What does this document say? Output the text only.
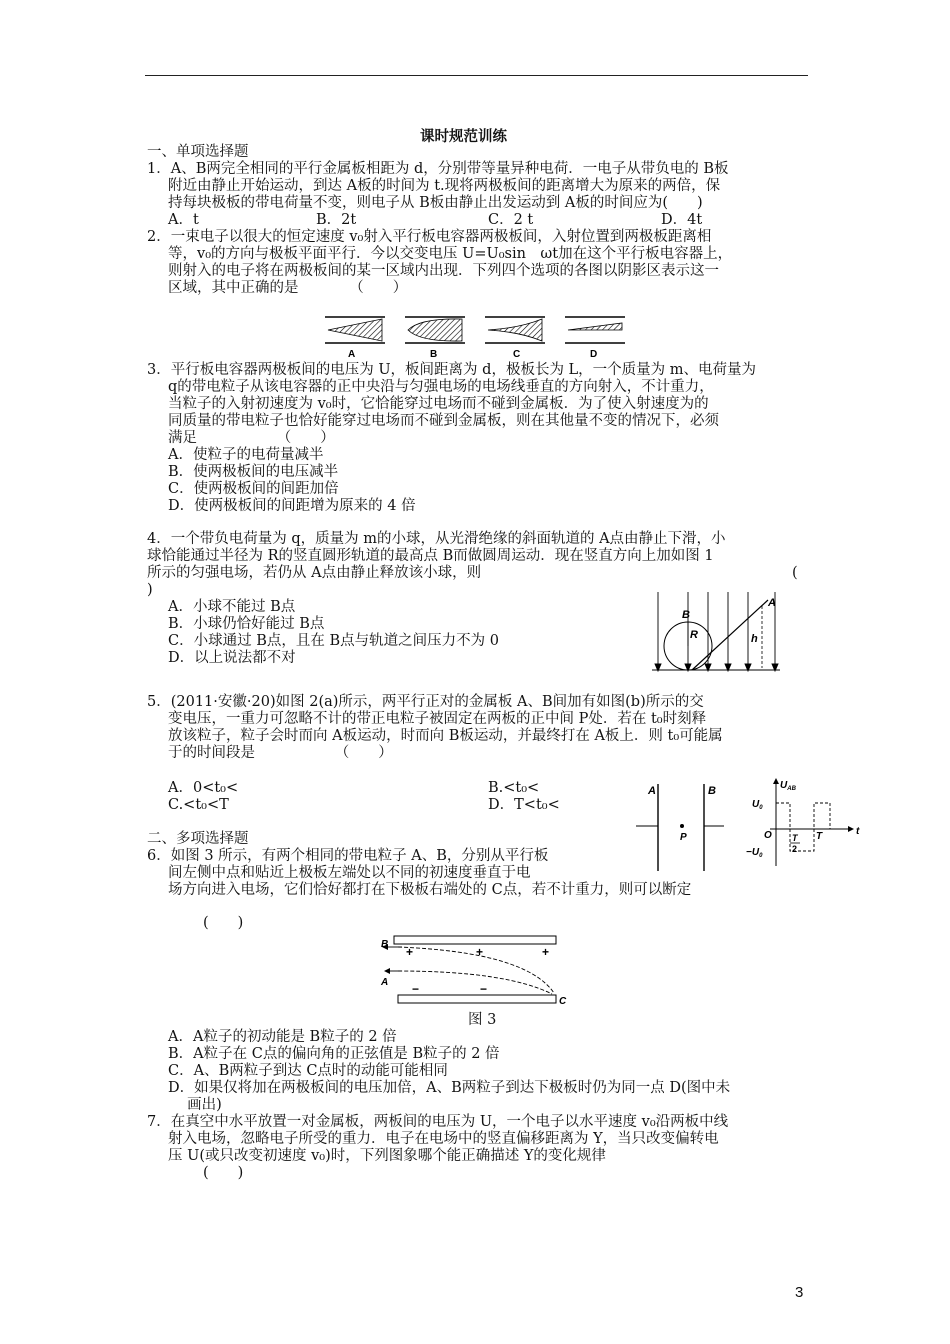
课时规范训练
一、单项选择题
1．A、B两完全相同的平行金属板相距为 d，分别带等量异种电荷．一电子从带负电的 B板
附近由静止开始运动，到达 A板的时间为 t.现将两极板间的距离增大为原来的两倍，保
持每块极板的带电荷量不变，则电子从 B板由静止出发运动到 A板的时间应为(　　)
A．t	B．2t	C．2 t	D．4t
2．一束电子以很大的恒定速度 v₀射入平行板电容器两极板间，入射位置到两极板距离相
等，v₀的方向与极板平面平行．今以交变电压 U=U₀sin　ωt加在这个平行板电容器上，
则射入的电子将在两极板间的某一区域内出现．下列四个选项的各图以阴影区表示这一
区域，其中正确的是　　　　（　　）
A	B	C	D
3．平行板电容器两极板间的电压为 U，板间距离为 d，极板长为 L，一个质量为 m、电荷量为
q的带电粒子从该电容器的正中央沿与匀强电场的电场线垂直的方向射入，不计重力，
当粒子的入射初速度为 v₀时，它恰能穿过电场而不碰到金属板．为了使入射速度为的
同质量的带电粒子也恰好能穿过电场而不碰到金属板，则在其他量不变的情况下，必须
满足　　　　　　（　　）
A．使粒子的电荷量减半
B．使两极板间的电压减半
C．使两极板间的间距加倍
D．使两极板间的间距增为原来的 4 倍
4．一个带负电荷量为 q，质量为 m的小球，从光滑绝缘的斜面轨道的 A点由静止下滑，小
球恰能通过半径为 R的竖直圆形轨道的最高点 B而做圆周运动．现在竖直方向上加如图 1
所示的匀强电场，若仍从 A点由静止释放该小球，则	(
)
A．小球不能过 B点
B．小球仍恰好能过 B点
C．小球通过 B点，且在 B点与轨道之间压力不为 0
D．以上说法都不对
B
R
A
h
5．(2011·安徽·20)如图 2(a)所示，两平行正对的金属板 A、B间加有如图(b)所示的交
变电压，一重力可忽略不计的带正电粒子被固定在两板的正中间 P处．若在 t₀时刻释
放该粒子，粒子会时而向 A板运动，时而向 B板运动，并最终打在 A板上．则 t₀可能属
于的时间段是　　　　　　（　　）
A．0<t₀<	B.<t₀<
C.<t₀<T	D．T<t₀<
A	B
P
$U_{AB}$
$U_0$
O T
2
T	t
$-U_0$
二、多项选择题
6．如图 3 所示，有两个相同的带电粒子 A、B，分别从平行板
间左侧中点和贴近上极板左端处以不同的初速度垂直于电
场方向进入电场，它们恰好都打在下极板右端处的 C点，若不计重力，则可以断定
(　　)
B
A
C
+	+	+
−	−
图 3
A．A粒子的初动能是 B粒子的 2 倍
B．A粒子在 C点的偏向角的正弦值是 B粒子的 2 倍
C．A、B两粒子到达 C点时的动能可能相同
D．如果仅将加在两极板间的电压加倍，A、B两粒子到达下极板时仍为同一点 D(图中未
　 画出)
7．在真空中水平放置一对金属板，两板间的电压为 U，一个电子以水平速度 v₀沿两板中线
射入电场，忽略电子所受的重力．电子在电场中的竖直偏移距离为 Y，当只改变偏转电
压 U(或只改变初速度 v₀)时，下列图象哪个能正确描述 Y的变化规律
(　　)
3
